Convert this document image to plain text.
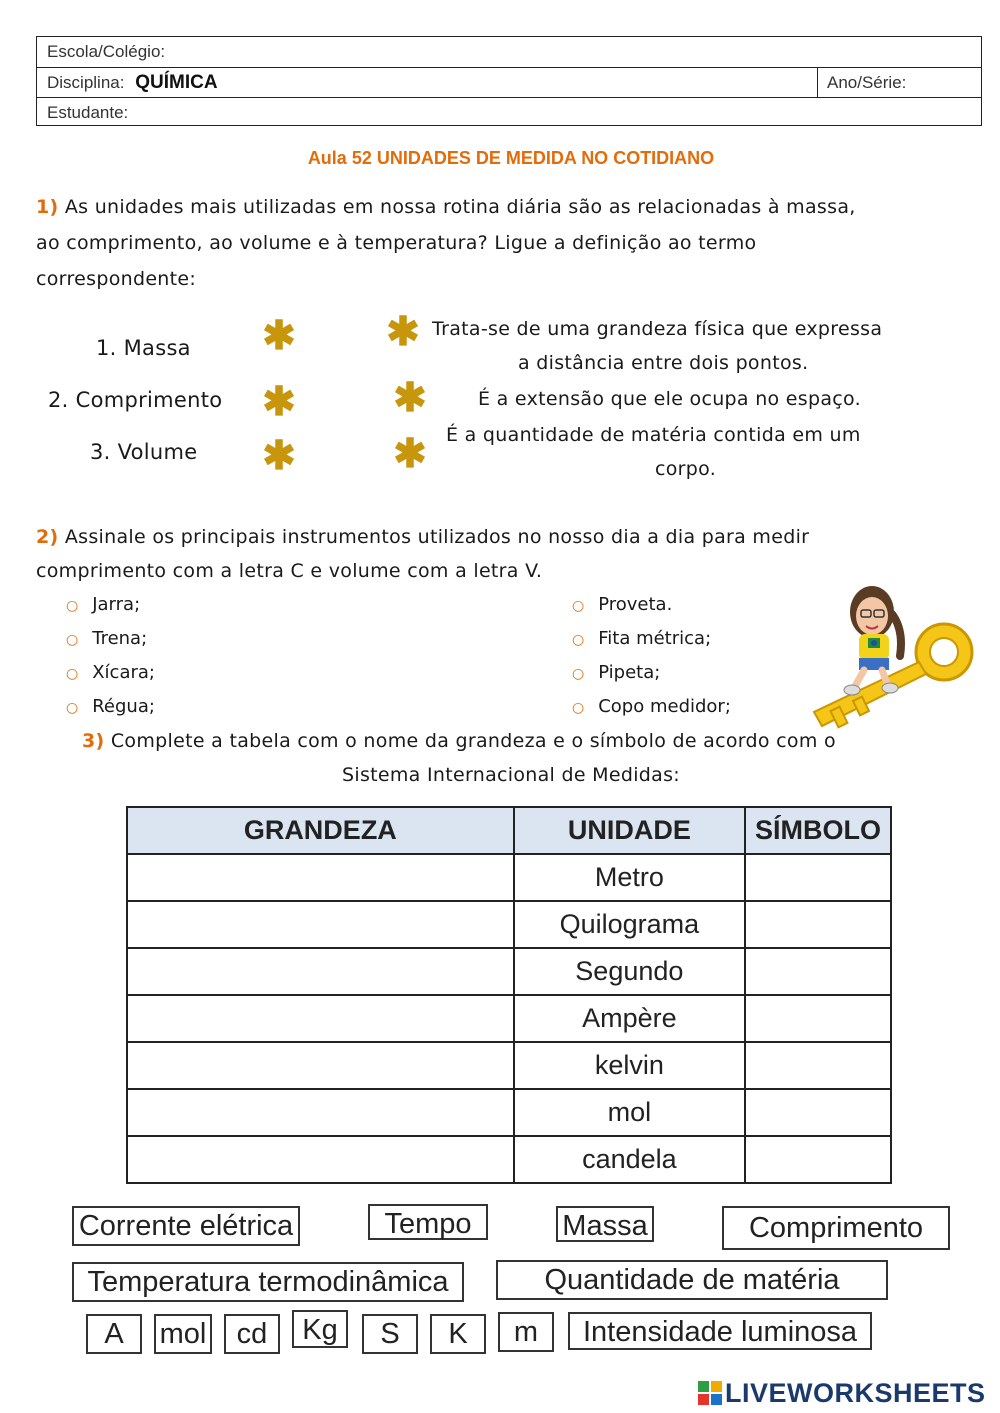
Escola/Colégio:
Disciplina: QUÍMICA	Ano/Série:
Estudante:
Aula 52 UNIDADES DE MEDIDA NO COTIDIANO
1) As unidades mais utilizadas em nossa rotina diária são as relacionadas à massa,
ao comprimento, ao volume e à temperatura? Ligue a definição ao termo
correspondente:
1. Massa
2. Comprimento
3. Volume
✱
✱
✱
✱
✱
✱
Trata-se de uma grandeza física que expressa
a distância entre dois pontos.
É a extensão que ele ocupa no espaço.
É a quantidade de matéria contida em um
corpo.
2) Assinale os principais instrumentos utilizados no nosso dia a dia para medir
comprimento com a letra C e volume com a letra V.
○ Jarra;
○ Trena;
○ Xícara;
○ Régua;
○ Proveta.
○ Fita métrica;
○ Pipeta;
○ Copo medidor;
3) Complete a tabela com o nome da grandeza e o símbolo de acordo com o
Sistema Internacional de Medidas:
GRANDEZA	UNIDADE	SÍMBOLO
	Metro	
	Quilograma	
	Segundo	
	Ampère	
	kelvin	
	mol	
	candela	
Corrente elétrica	Tempo	Massa	Comprimento
Temperatura termodinâmica	Quantidade de matéria
A	mol	cd	Kg	S	K	m	Intensidade luminosa
LIVEWORKSHEETS
